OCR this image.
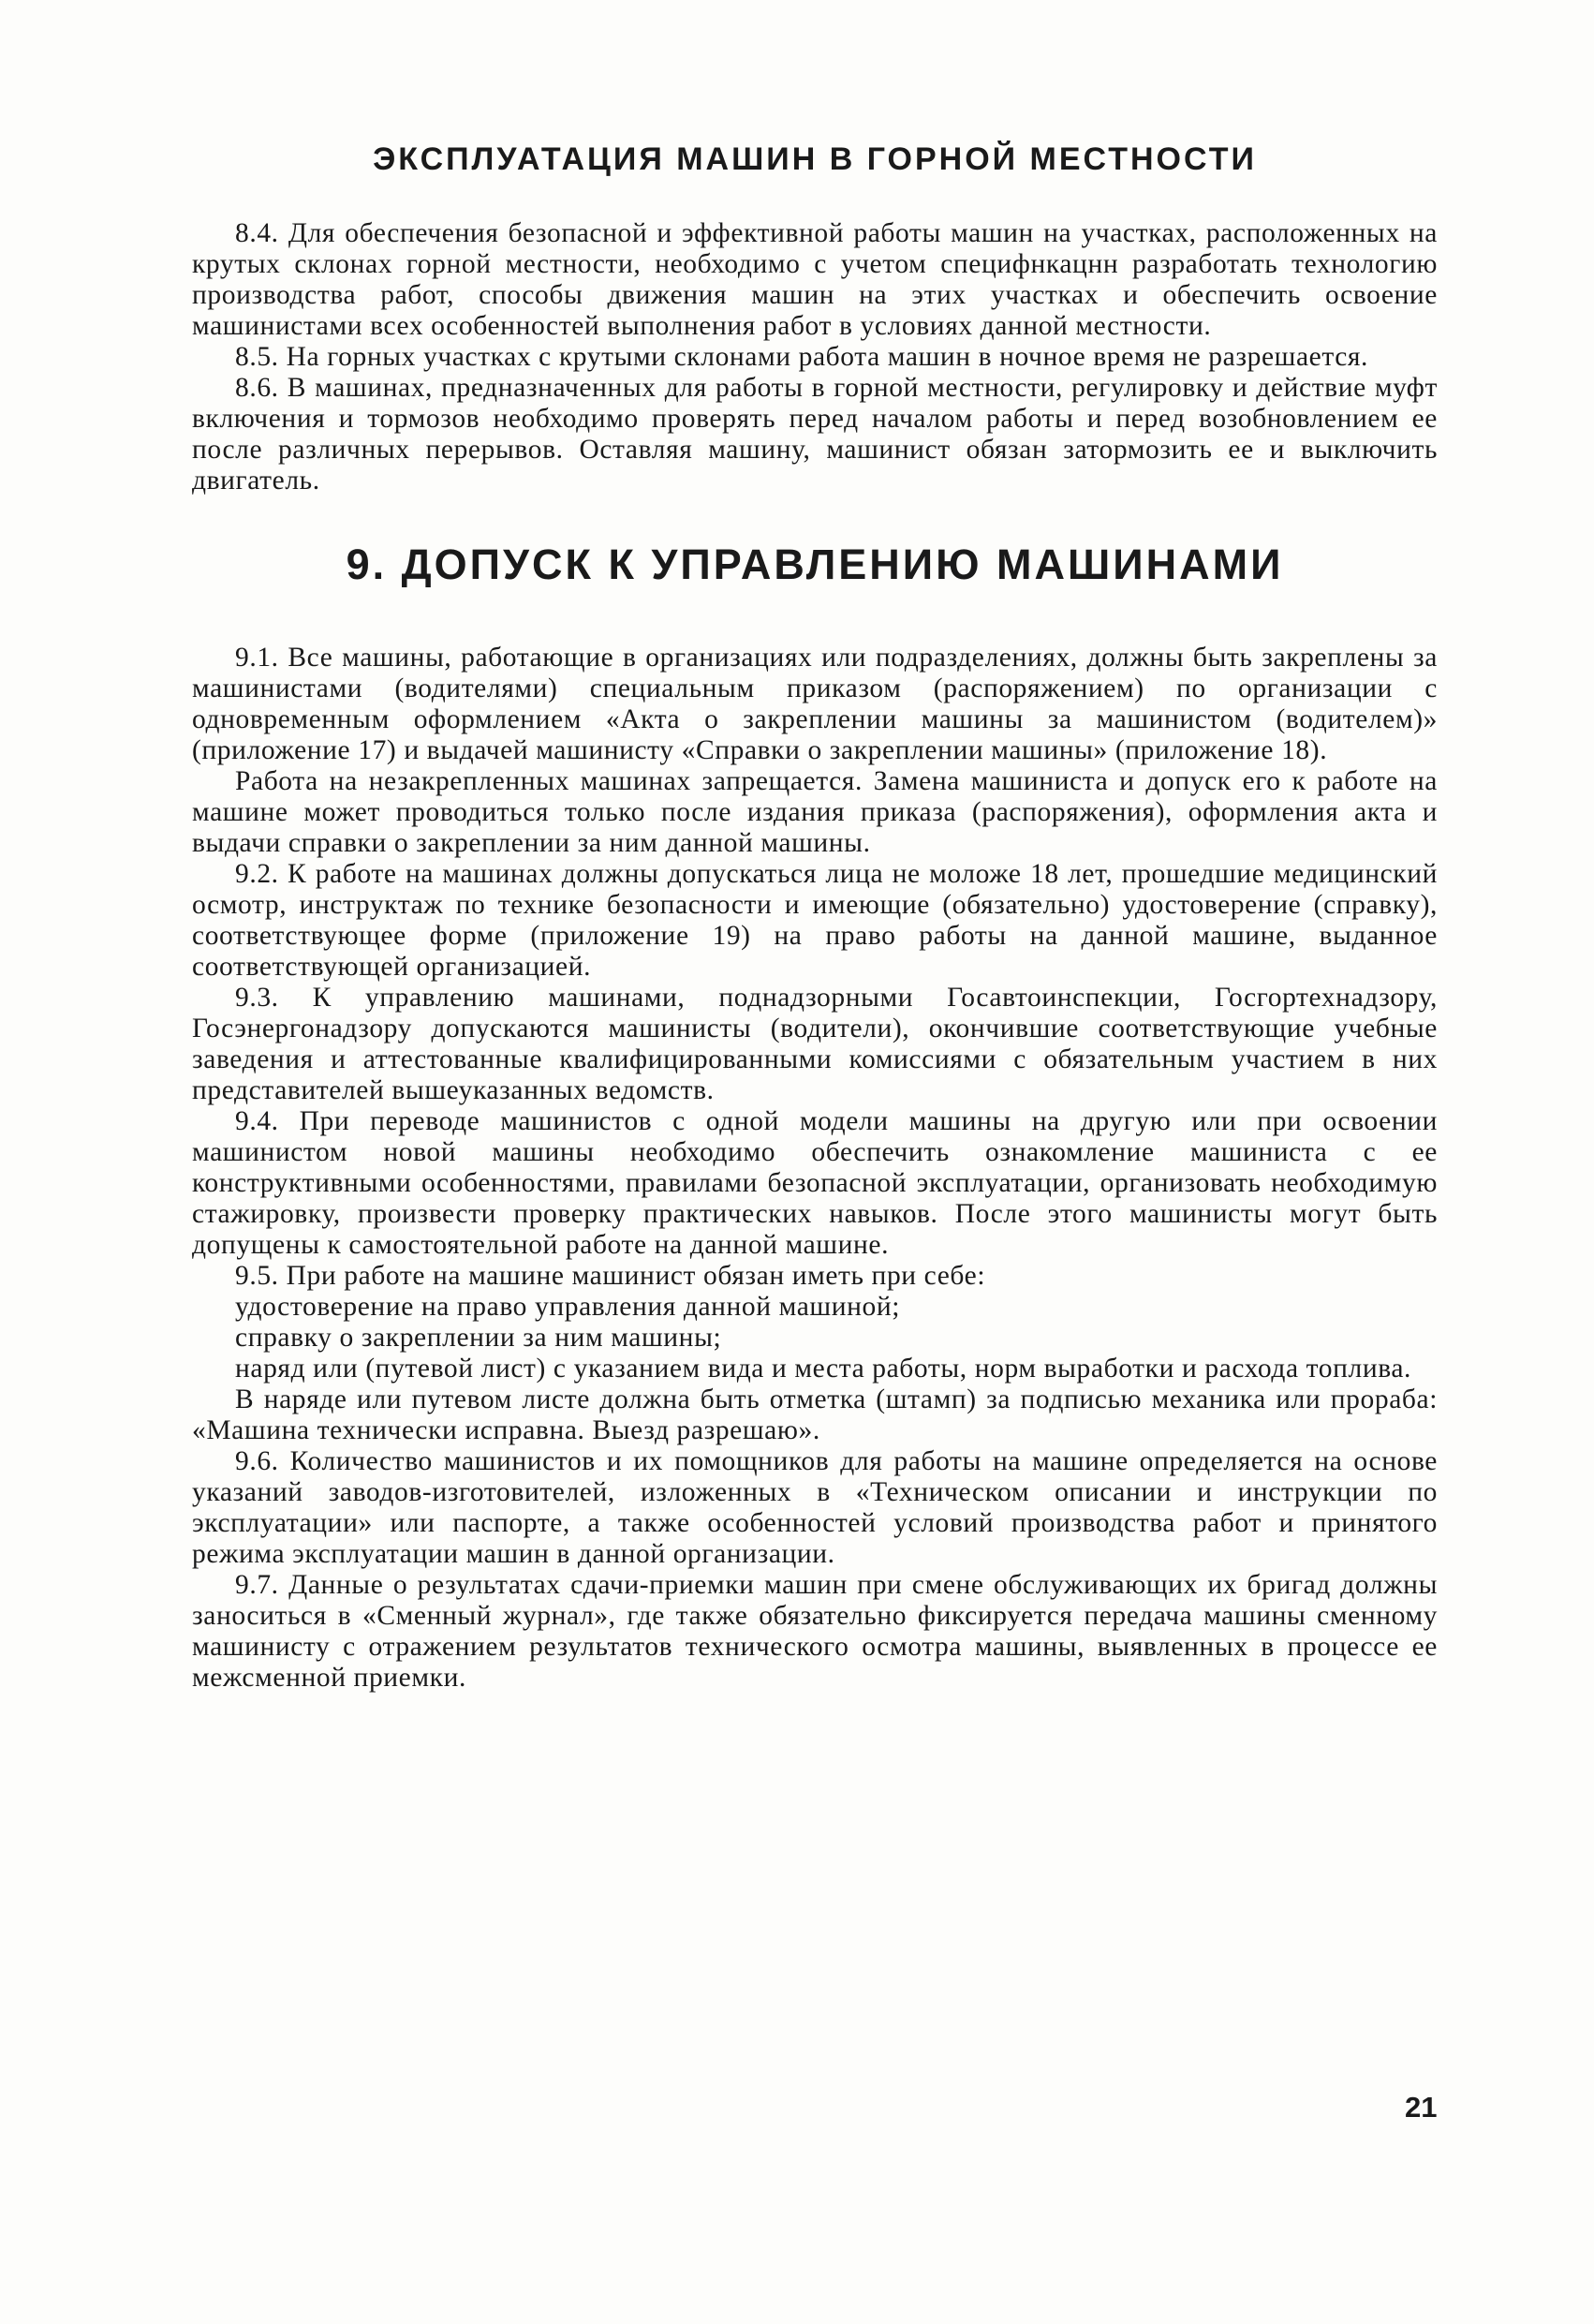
ЭКСПЛУАТАЦИЯ МАШИН В ГОРНОЙ МЕСТНОСТИ

8.4. Для обеспечения безопасной и эффективной работы машин на участках, расположенных на крутых склонах горной местности, необходимо с учетом специфнкацнн разработать технологию производства работ, способы движения машин на этих участках и обеспечить освоение машинистами всех особенностей выполнения работ в условиях данной местности.

8.5. На горных участках с крутыми склонами работа машин в ночное время не разрешается.

8.6. В машинах, предназначенных для работы в горной местности, регулировку и действие муфт включения и тормозов необходимо проверять перед началом работы и перед возобновлением ее после различных перерывов. Оставляя машину, машинист обязан затормозить ее и выключить двигатель.

9. ДОПУСК К УПРАВЛЕНИЮ МАШИНАМИ

9.1. Все машины, работающие в организациях или подразделениях, должны быть закреплены за машинистами (водителями) специальным приказом (распоряжением) по организации с одновременным оформлением «Акта о закреплении машины за машинистом (водителем)» (приложение 17) и выдачей машинисту «Справки о закреплении машины» (приложение 18).

Работа на незакрепленных машинах запрещается. Замена машиниста и допуск его к работе на машине может проводиться только после издания приказа (распоряжения), оформления акта и выдачи справки о закреплении за ним данной машины.

9.2. К работе на машинах должны допускаться лица не моложе 18 лет, прошедшие медицинский осмотр, инструктаж по технике безопасности и имеющие (обязательно) удостоверение (справку), соответствующее форме (приложение 19) на право работы на данной машине, выданное соответствующей организацией.

9.3. К управлению машинами, поднадзорными Госавтоинспекции, Госгортехнадзору, Госэнергонадзору допускаются машинисты (водители), окончившие соответствующие учебные заведения и аттестованные квалифицированными комиссиями с обязательным участием в них представителей вышеуказанных ведомств.

9.4. При переводе машинистов с одной модели машины на другую или при освоении машинистом новой машины необходимо обеспечить ознакомление машиниста с ее конструктивными особенностями, правилами безопасной эксплуатации, организовать необходимую стажировку, произвести проверку практических навыков. После этого машинисты могут быть допущены к самостоятельной работе на данной машине.

9.5. При работе на машине машинист обязан иметь при себе:

удостоверение на право управления данной машиной;

справку о закреплении за ним машины;

наряд или (путевой лист) с указанием вида и места работы, норм выработки и расхода топлива.

В наряде или путевом листе должна быть отметка (штамп) за подписью механика или прораба: «Машина технически исправна. Выезд разрешаю».

9.6. Количество машинистов и их помощников для работы на машине определяется на основе указаний заводов-изготовителей, изложенных в «Техническом описании и инструкции по эксплуатации» или паспорте, а также особенностей условий производства работ и принятого режима эксплуатации машин в данной организации.

9.7. Данные о результатах сдачи-приемки машин при смене обслуживающих их бригад должны заноситься в «Сменный журнал», где также обязательно фиксируется передача машины сменному машинисту с отражением результатов технического осмотра машины, выявленных в процессе ее межсменной приемки.

21
